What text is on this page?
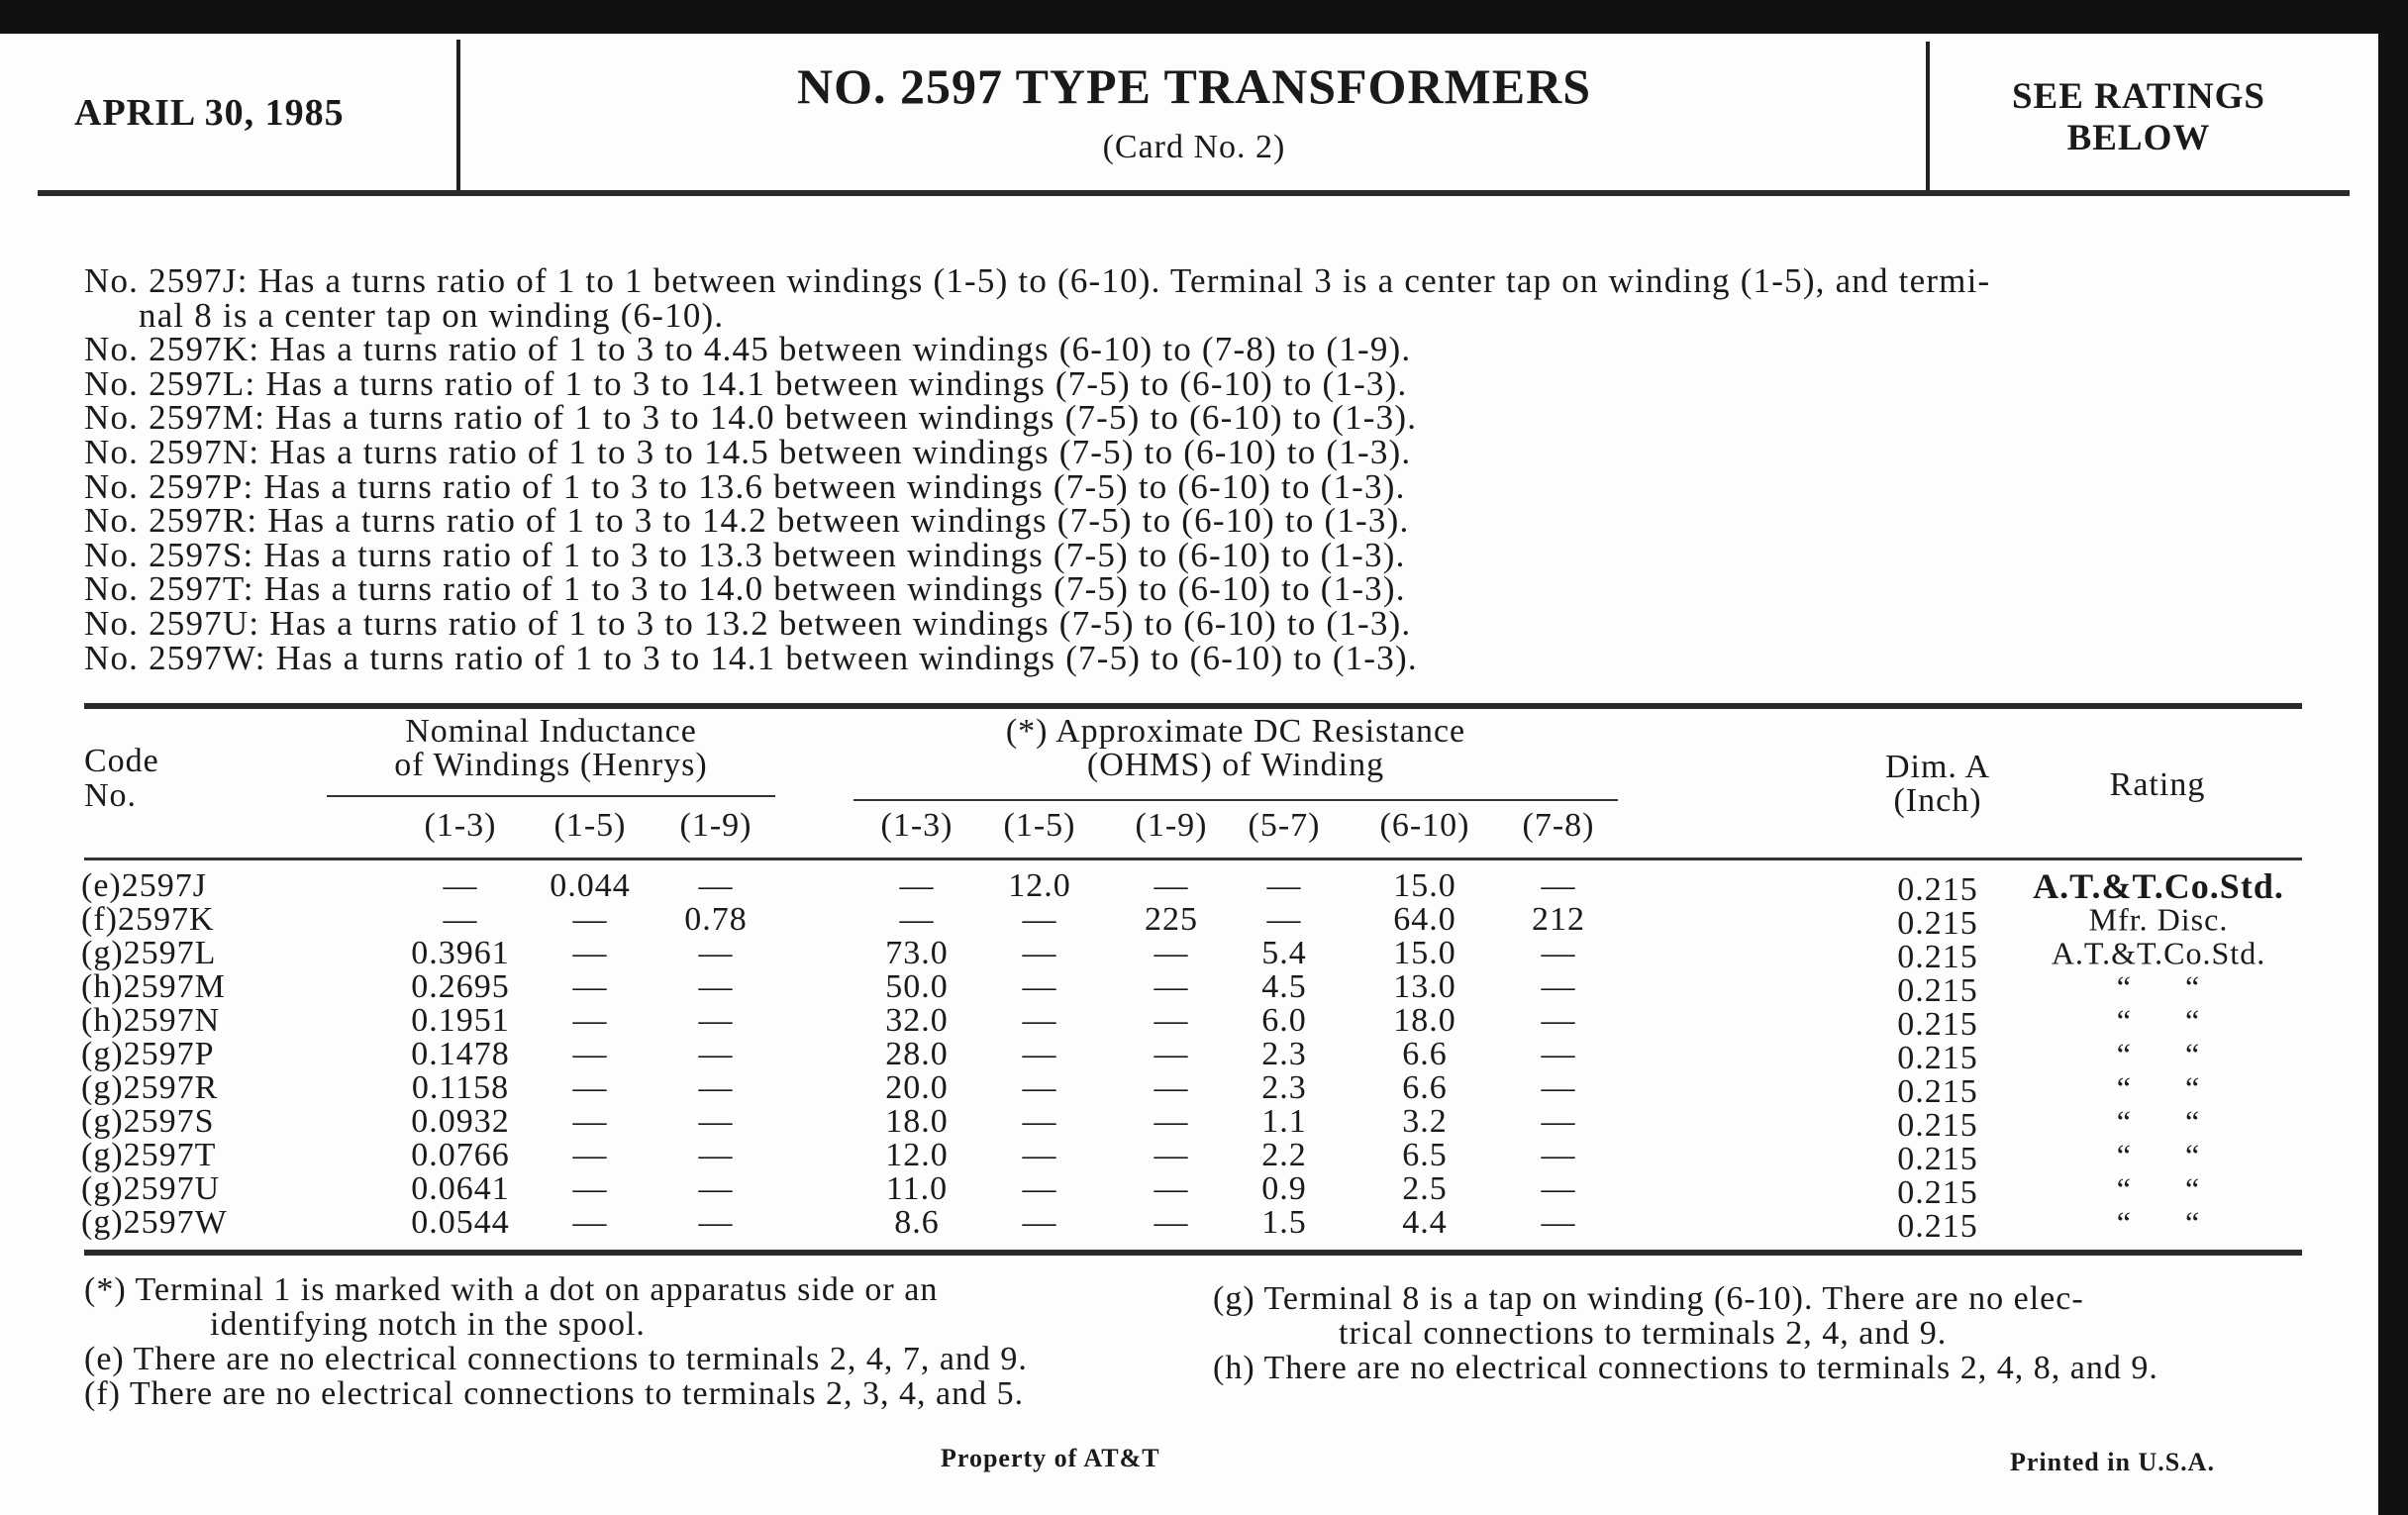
APRIL 30, 1985	NO. 2597 TYPE TRANSFORMERS
(Card No. 2)
SEE RATINGS
BELOW
No. 2597J: Has a turns ratio of 1 to 1 between windings (1-5) to (6-10). Terminal 3 is a center tap on winding (1-5), and termi-
nal 8 is a center tap on winding (6-10).
No. 2597K: Has a turns ratio of 1 to 3 to 4.45 between windings (6-10) to (7-8) to (1-9).
No. 2597L: Has a turns ratio of 1 to 3 to 14.1 between windings (7-5) to (6-10) to (1-3).
No. 2597M: Has a turns ratio of 1 to 3 to 14.0 between windings (7-5) to (6-10) to (1-3).
No. 2597N: Has a turns ratio of 1 to 3 to 14.5 between windings (7-5) to (6-10) to (1-3).
No. 2597P: Has a turns ratio of 1 to 3 to 13.6 between windings (7-5) to (6-10) to (1-3).
No. 2597R: Has a turns ratio of 1 to 3 to 14.2 between windings (7-5) to (6-10) to (1-3).
No. 2597S: Has a turns ratio of 1 to 3 to 13.3 between windings (7-5) to (6-10) to (1-3).
No. 2597T: Has a turns ratio of 1 to 3 to 14.0 between windings (7-5) to (6-10) to (1-3).
No. 2597U: Has a turns ratio of 1 to 3 to 13.2 between windings (7-5) to (6-10) to (1-3).
No. 2597W: Has a turns ratio of 1 to 3 to 14.1 between windings (7-5) to (6-10) to (1-3).
Code
No.
Nominal Inductance
of Windings (Henrys)
(*) Approximate DC Resistance
(OHMS) of Winding	Dim. A
(Inch)	Rating
(1-3)	(1-5)	(1-9)	(1-3)	(1-5)	(1-9)	(5-7)	(6-10)	(7-8)
(e)2597J	—	0.044	—	—	12.0	—	—	15.0	—	0.215	A.T.&T.Co.Std.
(f)2597K	—	—	0.78	—	—	225	—	64.0	212	0.215	Mfr. Disc.
(g)2597L	0.3961	—	—	73.0	—	—	5.4	15.0	—	0.215	A.T.&T.Co.Std.
(h)2597M	0.2695	—	—	50.0	—	—	4.5	13.0	—	0.215	“      “
(h)2597N	0.1951	—	—	32.0	—	—	6.0	18.0	—	0.215	“      “
(g)2597P	0.1478	—	—	28.0	—	—	2.3	6.6	—	0.215	“      “
(g)2597R	0.1158	—	—	20.0	—	—	2.3	6.6	—	0.215	“      “
(g)2597S	0.0932	—	—	18.0	—	—	1.1	3.2	—	0.215	“      “
(g)2597T	0.0766	—	—	12.0	—	—	2.2	6.5	—	0.215	“      “
(g)2597U	0.0641	—	—	11.0	—	—	0.9	2.5	—	0.215	“      “
(g)2597W	0.0544	—	—	8.6	—	—	1.5	4.4	—	0.215	“      “
(*) Terminal 1 is marked with a dot on apparatus side or an
identifying notch in the spool.
(e) There are no electrical connections to terminals 2, 4, 7, and 9.
(f) There are no electrical connections to terminals 2, 3, 4, and 5.
(g) Terminal 8 is a tap on winding (6-10). There are no elec-
trical connections to terminals 2, 4, and 9.
(h) There are no electrical connections to terminals 2, 4, 8, and 9.
Property of AT&T	Printed in U.S.A.
